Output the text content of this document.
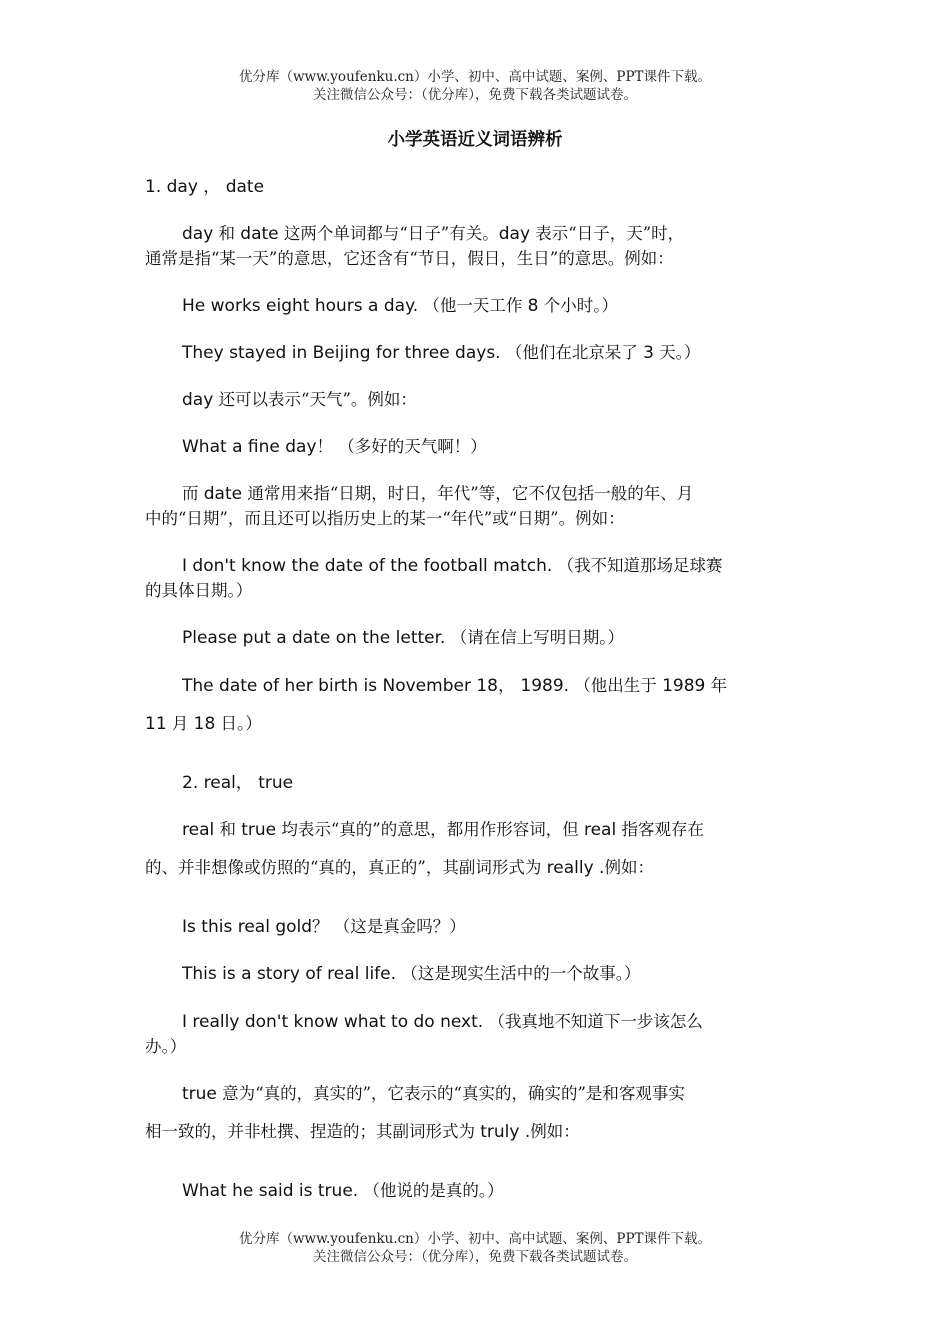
优分库（www.youfenku.cn）小学、初中、高中试题、案例、PPT课件下载。
关注微信公众号：（优分库），免费下载各类试题试卷。
小学英语近义词语辨析
1. day ， date
day 和 date 这两个单词都与“日子”有关。day 表示“日子，天”时，
通常是指“某一天”的意思，它还含有“节日，假日，生日”的意思。例如：
He works eight hours a day. （他一天工作 8 个小时。）
They stayed in Beijing for three days. （他们在北京呆了 3 天。）
day 还可以表示“天气”。例如：
What a fine day！ （多好的天气啊！）
而 date 通常用来指“日期，时日，年代”等，它不仅包括一般的年、月
中的“日期”，而且还可以指历史上的某一“年代”或“日期”。例如：
I don't know the date of the football match. （我不知道那场足球赛
的具体日期。）
Please put a date on the letter. （请在信上写明日期。）
The date of her birth is November 18， 1989. （他出生于 1989 年
11 月 18 日。）
2. real， true
real 和 true 均表示“真的”的意思，都用作形容词，但 real 指客观存在
的、并非想像或仿照的“真的，真正的”，其副词形式为 really .例如：
Is this real gold？ （这是真金吗？）
This is a story of real life. （这是现实生活中的一个故事。）
I really don't know what to do next. （我真地不知道下一步该怎么
办。）
true 意为“真的，真实的”，它表示的“真实的，确实的”是和客观事实
相一致的，并非杜撰、捏造的；其副词形式为 truly .例如：
What he said is true. （他说的是真的。）
优分库（www.youfenku.cn）小学、初中、高中试题、案例、PPT课件下载。
关注微信公众号：（优分库），免费下载各类试题试卷。
